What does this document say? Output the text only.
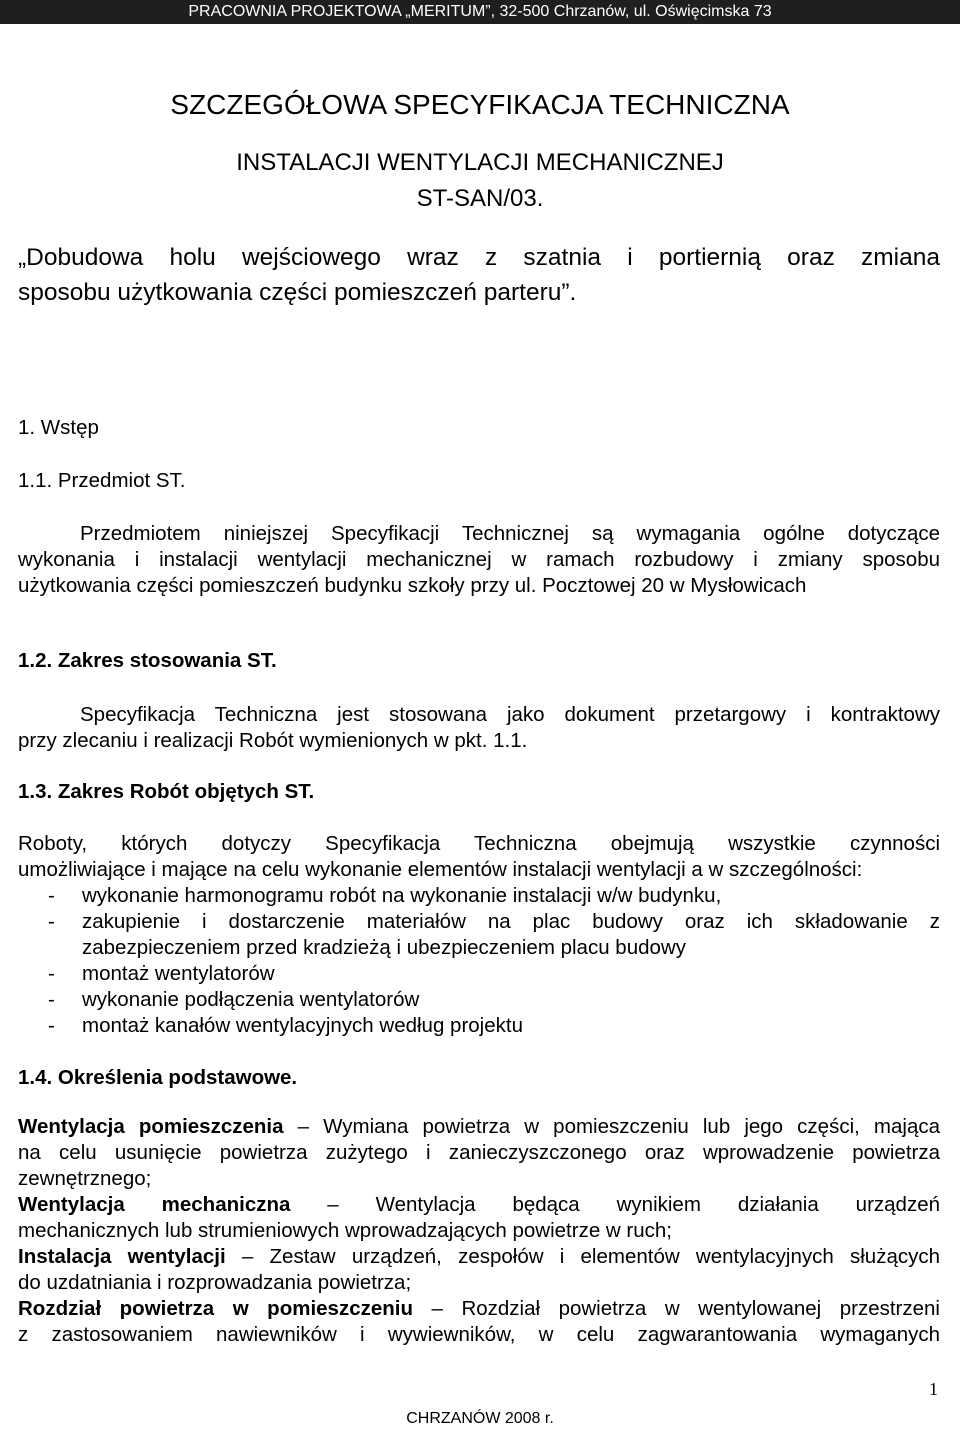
PRACOWNIA PROJEKTOWA „MERITUM”, 32-500 Chrzanów, ul. Oświęcimska 73
SZCZEGÓŁOWA SPECYFIKACJA TECHNICZNA
INSTALACJI WENTYLACJI MECHANICZNEJ
ST-SAN/03.
„Dobudowa holu wejściowego wraz z szatnia i portiernią oraz zmiana
sposobu użytkowania części pomieszczeń parteru”.
1. Wstęp
1.1. Przedmiot ST.
Przedmiotem niniejszej Specyfikacji Technicznej są wymagania ogólne dotyczące
wykonania i instalacji wentylacji mechanicznej w ramach rozbudowy i zmiany sposobu
użytkowania części pomieszczeń budynku szkoły przy ul. Pocztowej 20 w Mysłowicach
1.2. Zakres stosowania ST.
Specyfikacja Techniczna jest stosowana jako dokument przetargowy i kontraktowy
przy zlecaniu i realizacji Robót wymienionych w pkt. 1.1.
1.3. Zakres Robót objętych ST.
Roboty, których dotyczy Specyfikacja Techniczna obejmują wszystkie czynności
umożliwiające i mające na celu wykonanie elementów instalacji wentylacji a w szczególności:
- wykonanie harmonogramu robót na wykonanie instalacji w/w budynku,
- zakupienie i dostarczenie materiałów na plac budowy oraz ich składowanie z
zabezpieczeniem przed kradzieżą i ubezpieczeniem placu budowy
- montaż wentylatorów
- wykonanie podłączenia wentylatorów
- montaż kanałów wentylacyjnych według projektu
1.4. Określenia podstawowe.
Wentylacja pomieszczenia – Wymiana powietrza w pomieszczeniu lub jego części, mająca
na celu usunięcie powietrza zużytego i zanieczyszczonego oraz wprowadzenie powietrza
zewnętrznego;
Wentylacja mechaniczna – Wentylacja będąca wynikiem działania urządzeń
mechanicznych lub strumieniowych wprowadzających powietrze w ruch;
Instalacja wentylacji – Zestaw urządzeń, zespołów i elementów wentylacyjnych służących
do uzdatniania i rozprowadzania powietrza;
Rozdział powietrza w pomieszczeniu – Rozdział powietrza w wentylowanej przestrzeni
z zastosowaniem nawiewników i wywiewników, w celu zagwarantowania wymaganych
1
CHRZANÓW 2008 r.
